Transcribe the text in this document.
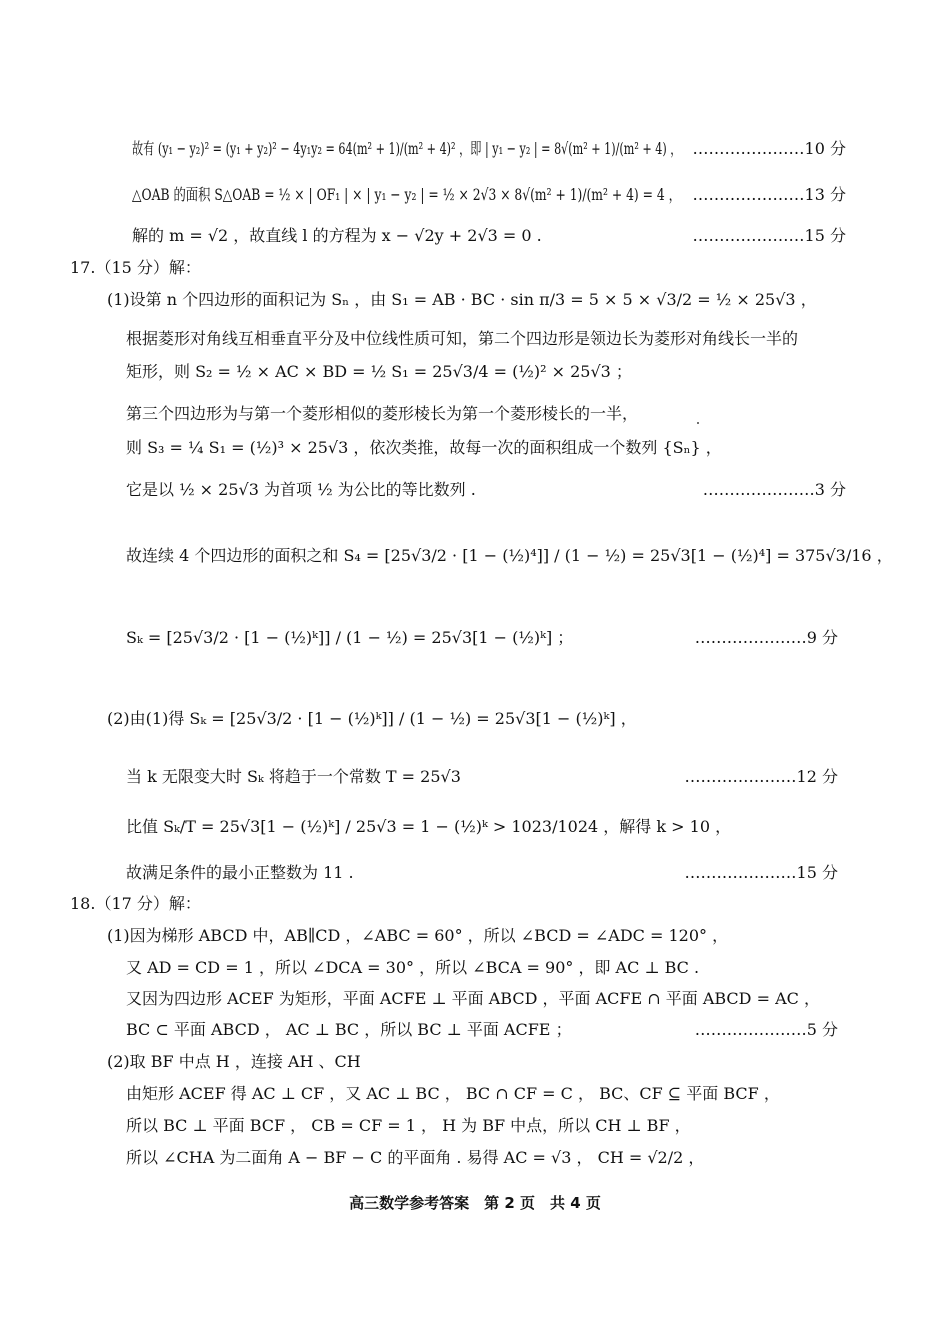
故有 (y₁ − y₂)² = (y₁ + y₂)² − 4y₁y₂ = 64(m² + 1)/(m² + 4)² ，即 | y₁ − y₂ | = 8√(m² + 1)/(m² + 4) ， …………………10 分
△OAB 的面积 S△OAB = ½ × | OF₁ | × | y₁ − y₂ | = ½ × 2√3 × 8√(m² + 1)/(m² + 4) = 4 ， …………………13 分
解的 m = √2 ，故直线 l 的方程为 x − √2y + 2√3 = 0 .	…………………15 分
17.（15 分）解：
(1)设第 n 个四边形的面积记为 Sₙ ，由 S₁ = AB · BC · sin π/3 = 5 × 5 × √3/2 = ½ × 25√3 ，
根据菱形对角线互相垂直平分及中位线性质可知，第二个四边形是领边长为菱形对角线长一半的
矩形，则 S₂ = ½ × AC × BD = ½ S₁ = 25√3/4 = (½)² × 25√3 ；
第三个四边形为与第一个菱形相似的菱形棱长为第一个菱形棱长的一半，
则 S₃ = ¼ S₁ = (½)³ × 25√3 ，依次类推，故每一次的面积组成一个数列 {Sₙ} ，
它是以 ½ × 25√3 为首项 ½ 为公比的等比数列 .	…………………3 分
故连续 4 个四边形的面积之和 S₄ = [25√3/2 · [1 − (½)⁴]] / (1 − ½) = 25√3[1 − (½)⁴] = 375√3/16 ，
Sₖ = [25√3/2 · [1 − (½)ᵏ]] / (1 − ½) = 25√3[1 − (½)ᵏ] ；	…………………9 分
(2)由(1)得 Sₖ = [25√3/2 · [1 − (½)ᵏ]] / (1 − ½) = 25√3[1 − (½)ᵏ] ，
当 k 无限变大时 Sₖ 将趋于一个常数 T = 25√3	…………………12 分
比值 Sₖ/T = 25√3[1 − (½)ᵏ] / 25√3 = 1 − (½)ᵏ > 1023/1024 ，解得 k > 10 ，
故满足条件的最小正整数为 11 .	…………………15 分
18.（17 分）解：
(1)因为梯形 ABCD 中，AB∥CD ，∠ABC = 60° ，所以 ∠BCD = ∠ADC = 120° ，
又 AD = CD = 1 ，所以 ∠DCA = 30° ，所以 ∠BCA = 90° ，即 AC ⊥ BC .
又因为四边形 ACEF 为矩形，平面 ACFE ⊥ 平面 ABCD ，平面 ACFE ∩ 平面 ABCD = AC ，
BC ⊂ 平面 ABCD ， AC ⊥ BC ，所以 BC ⊥ 平面 ACFE ；	…………………5 分
(2)取 BF 中点 H ，连接 AH 、CH
由矩形 ACEF 得 AC ⊥ CF ，又 AC ⊥ BC ， BC ∩ CF = C ， BC、CF ⊆ 平面 BCF ，
所以 BC ⊥ 平面 BCF ， CB = CF = 1 ， H 为 BF 中点，所以 CH ⊥ BF ，
所以 ∠CHA 为二面角 A − BF − C 的平面角 . 易得 AC = √3 ， CH = √2/2 ，
高三数学参考答案　第 2 页　共 4 页
